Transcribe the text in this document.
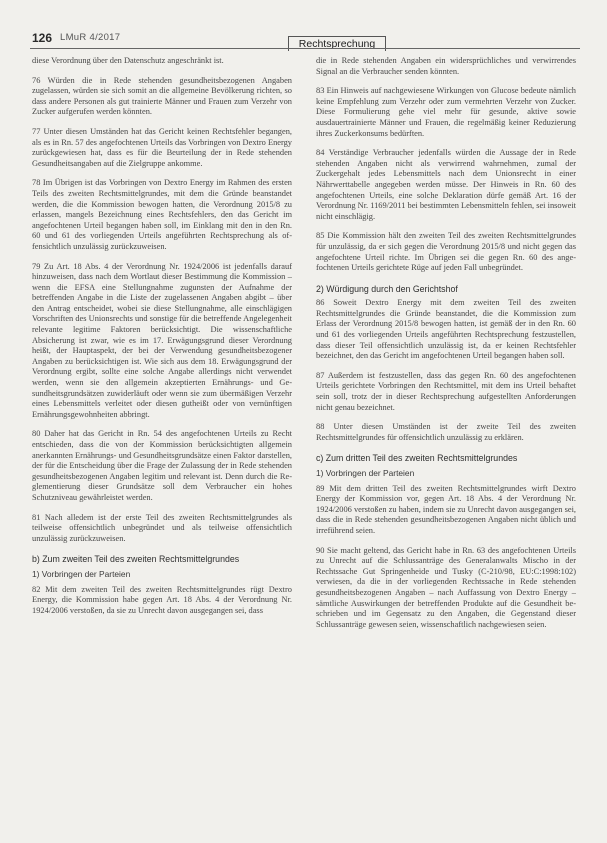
126 LMuR 4/2017
Rechtsprechung

diese Verordnung über den Datenschutz angeschränkt ist.

76 Würden die in Rede stehenden gesundheitsbezogenen Angaben zugelassen, würden sie sich somit an die allgemeine Bevölkerung richten, so dass andere Personen als gut trainierte Männer und Frauen zum Verzehr von Zucker aufgerufen werden könnten.

77 Unter diesen Umständen hat das Gericht keinen Rechtsfehler begangen, als es in Rn. 57 des angefochtenen Urteils das Vorbringen von Dextro Energy zurückgewiesen hat, dass es für die Beurteilung der in Rede stehenden Gesundheitsangaben auf die Zielgruppe ankomme.

78 Im Übrigen ist das Vorbringen von Dextro Energy im Rahmen des ersten Teils des zweiten Rechtsmittelgrundes, mit dem die Gründe beanstandet werden, die die Kommission bewogen hatten, die Verordnung 2015/8 zu erlassen, mangels Bezeichnung eines Rechtsfehlers, den das Gericht im angefochtenen Urteil begangen haben soll, im Einklang mit den in den Rn. 60 und 61 des vorliegenden Urteils angeführten Rechtsprechung als offensichtlich unzulässig zurückzuweisen.

79 Zu Art. 18 Abs. 4 der Verordnung Nr. 1924/2006 ist jedenfalls darauf hinzuweisen, dass nach dem Wortlaut dieser Bestimmung die Kommission – wenn die EFSA eine Stellungnahme zugunsten der Aufnahme der betreffenden Angabe in die Liste der zugelassenen Angaben abgibt – über den Antrag entscheidet, wobei sie diese Stellungnahme, alle einschlägigen Vorschriften des Unionsrechts und sonstige für die betreffende Angelegenheit relevante legitime Faktoren berücksichtigt. Die wissenschaftliche Absicherung ist zwar, wie es im 17. Erwägungsgrund dieser Verordnung heißt, der Hauptaspekt, der bei der Verwendung gesundheitsbezogener Angaben zu berücksichtigen ist. Wie sich aus dem 18. Erwägungsgrund der Verordnung ergibt, sollte eine solche Angabe allerdings nicht verwendet werden, wenn sie den allgemein akzeptierten Ernährungs- und Gesundheitsgrundsätzen zuwiderläuft oder wenn sie zum übermäßigen Verzehr eines Lebensmittels verleitet oder diesen gutheißt oder von vernünftigen Ernährungsgewohnheiten abbringt.

80 Daher hat das Gericht in Rn. 54 des angefochtenen Urteils zu Recht entschieden, dass die von der Kommission berücksichtigten allgemein anerkannten Ernährungs- und Gesundheitsgrundsätze einen Faktor darstellen, der für die Entscheidung über die Frage der Zulassung der in Rede stehenden gesundheitsbezogenen Angaben legitim und relevant ist. Denn durch die Reglementierung dieser Grundsätze soll dem Verbraucher ein hohes Schutzniveau gewährleistet werden.

81 Nach alledem ist der erste Teil des zweiten Rechtsmittelgrundes als teilweise offensichtlich unbegründet und als teilweise offensichtlich unzulässig zurückzuweisen.

b) Zum zweiten Teil des zweiten Rechtsmittelgrundes
1) Vorbringen der Parteien

82 Mit dem zweiten Teil des zweiten Rechtsmittelgrundes rügt Dextro Energy, die Kommission habe gegen Art. 18 Abs. 4 der Verordnung Nr. 1924/2006 verstoßen, da sie zu Unrecht davon ausgegangen sei, dass

die in Rede stehenden Angaben ein widersprüchliches und verwirrendes Signal an die Verbraucher senden könnten.

83 Ein Hinweis auf nachgewiesene Wirkungen von Glucose bedeute nämlich keine Empfehlung zum Verzehr oder zum vermehrten Verzehr von Zucker. Diese Formulierung gehe viel mehr für gesunde, aktive sowie ausdauertrainierte Männer und Frauen, die regelmäßig keiner Reduzierung ihres Zuckerkonsums bedürften.

84 Verständige Verbraucher jedenfalls würden die Aussage der in Rede stehenden Angaben nicht als verwirrend wahrnehmen, zumal der Zuckergehalt jedes Lebensmittels nach dem Unionsrecht in einer Nährwerttabelle angegeben werden müsse. Der Hinweis in Rn. 60 des angefochtenen Urteils, eine solche Deklaration dürfe gemäß Art. 16 der Verordnung Nr. 1169/2011 bei bestimmten Lebensmitteln fehlen, sei insoweit nicht einschlägig.

85 Die Kommission hält den zweiten Teil des zweiten Rechtsmittelgrundes für unzulässig, da er sich gegen die Verordnung 2015/8 und nicht gegen das angefochtene Urteil richte. Im Übrigen sei die gegen Rn. 60 des angefochtenen Urteils gerichtete Rüge auf jeden Fall unbegründet.

2) Würdigung durch den Gerichtshof

86 Soweit Dextro Energy mit dem zweiten Teil des zweiten Rechtsmittelgrundes die Gründe beanstandet, die die Kommission zum Erlass der Verordnung 2015/8 bewogen hatten, ist gemäß der in den Rn. 60 und 61 des vorliegenden Urteils angeführten Rechtsprechung festzustellen, dass dieser Teil offensichtlich unzulässig ist, da er keinen Rechtsfehler bezeichnet, den das Gericht im angefochtenen Urteil begangen haben soll.

87 Außerdem ist festzustellen, dass das gegen Rn. 60 des angefochtenen Urteils gerichtete Vorbringen den Rechtsmittel, mit dem ins Urteil behaftet sein soll, trotz der in dieser Rechtsprechung aufgestellten Anforderungen nicht genau bezeichnet.

88 Unter diesen Umständen ist der zweite Teil des zweiten Rechtsmittelgrundes für offensichtlich unzulässig zu erklären.

c) Zum dritten Teil des zweiten Rechtsmittelgrundes
1) Vorbringen der Parteien

89 Mit dem dritten Teil des zweiten Rechtsmittelgrundes wirft Dextro Energy der Kommission vor, gegen Art. 18 Abs. 4 der Verordnung Nr. 1924/2006 verstoßen zu haben, indem sie zu Unrecht davon ausgegangen sei, dass die in Rede stehenden gesundheitsbezogenen Angaben nicht üblich und irreführend seien.

90 Sie macht geltend, das Gericht habe in Rn. 63 des angefochtenen Urteils zu Unrecht auf die Schlussanträge des Generalanwalts Mischo in der Rechtssache Gut Springenheide und Tusky (C-210/98, EU:C:1998:102) verwiesen, da die in der vorliegenden Rechtssache in Rede stehenden gesundheitsbezogenen Angaben – nach Auffassung von Dextro Energy – sämtliche Auswirkungen der betreffenden Produkte auf die Gesundheit beschrieben und im Gegensatz zu den Angaben, die Gegenstand dieser Schlussanträge gewesen seien, wissenschaftlich nachgewiesen seien.
